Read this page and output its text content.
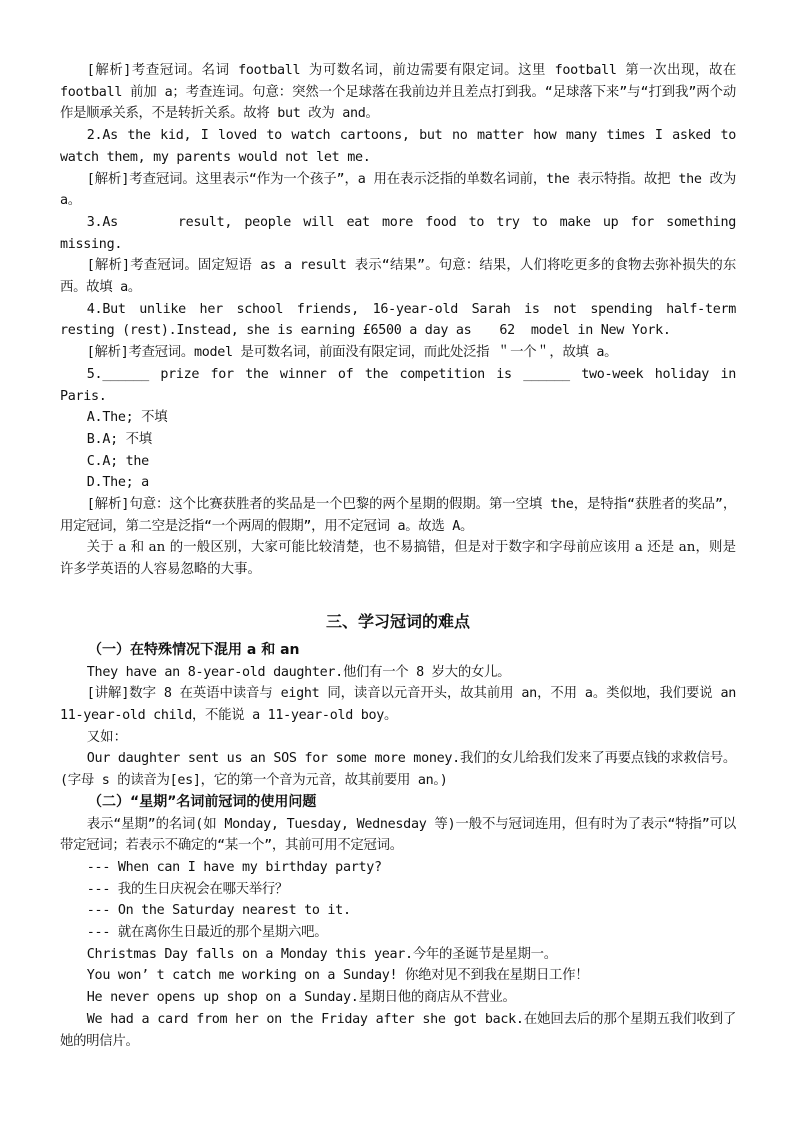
[解析]考查冠词。名词 football 为可数名词，前边需要有限定词。这里 football 第一次出现，故在 football 前加 a；考查连词。句意：突然一个足球落在我前边并且差点打到我。“足球落下来”与“打到我”两个动作是顺承关系，不是转折关系。故将 but 改为 and。

2.As the kid, I loved to watch cartoons, but no matter how many times I asked to watch them, my parents would not let me.

[解析]考查冠词。这里表示“作为一个孩子”，a 用在表示泛指的单数名词前，the 表示特指。故把 the 改为 a。

3.As	result, people will eat more food to try to make up for something missing.

[解析]考查冠词。固定短语 as a result 表示“结果”。句意：结果，人们将吃更多的食物去弥补损失的东西。故填 a。

4.But unlike her school friends, 16-year-old Sarah is not spending half-term resting (rest).Instead, she is earning £6500 a day as 62 model in New York.

[解析]考查冠词。model 是可数名词，前面没有限定词，而此处泛指 ＂一个＂，故填 a。

5.______ prize for the winner of the competition is ______ two-week holiday in Paris.

A.The; 不填

B.A; 不填

C.A; the

D.The; a

[解析]句意：这个比赛获胜者的奖品是一个巴黎的两个星期的假期。第一空填 the，是特指“获胜者的奖品”，用定冠词，第二空是泛指“一个两周的假期”，用不定冠词 a。故选 A。

关于 a 和 an 的一般区别，大家可能比较清楚，也不易搞错，但是对于数字和字母前应该用 a 还是 an，则是许多学英语的人容易忽略的大事。

三、学习冠词的难点

（一）在特殊情况下混用 a 和 an

They have an 8-year-old daughter.他们有一个 8 岁大的女儿。

[讲解]数字 8 在英语中读音与 eight 同，读音以元音开头，故其前用 an，不用 a。类似地，我们要说 an 11-year-old child，不能说 a 11-year-old boy。

又如：

Our daughter sent us an SOS for some more money.我们的女儿给我们发来了再要点钱的求救信号。(字母 s 的读音为[es]，它的第一个音为元音，故其前要用 an。)

（二）“星期”名词前冠词的使用问题

表示“星期”的名词(如 Monday, Tuesday, Wednesday 等)一般不与冠词连用，但有时为了表示“特指”可以带定冠词；若表示不确定的“某一个”，其前可用不定冠词。

--- When can I have my birthday party?

--- 我的生日庆祝会在哪天举行？

--- On the Saturday nearest to it.

--- 就在离你生日最近的那个星期六吧。

Christmas Day falls on a Monday this year.今年的圣诞节是星期一。

You won’ t catch me working on a Sunday! 你绝对见不到我在星期日工作！

He never opens up shop on a Sunday.星期日他的商店从不营业。

We had a card from her on the Friday after she got back.在她回去后的那个星期五我们收到了她的明信片。
